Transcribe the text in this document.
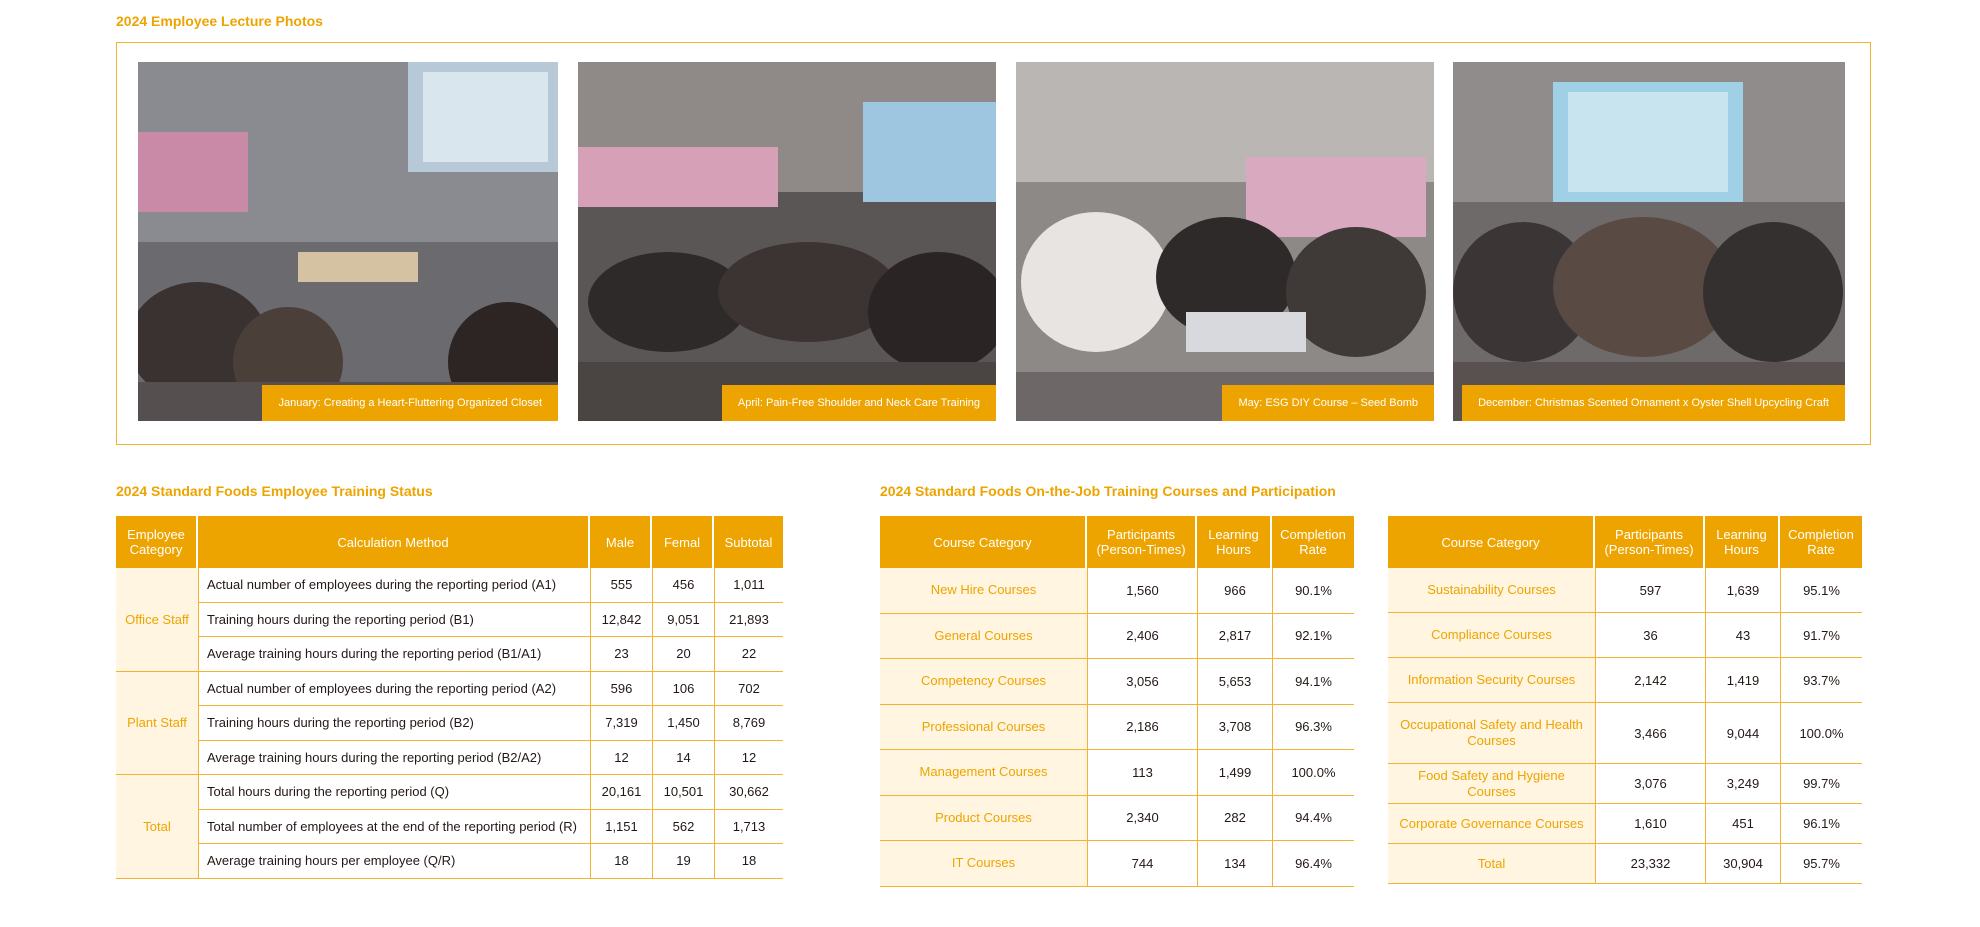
2024 Employee Lecture Photos
January: Creating a Heart-Fluttering Organized Closet	April: Pain-Free Shoulder and Neck Care Training	May: ESG DIY Course – Seed Bomb	December: Christmas Scented Ornament x Oyster Shell Upcycling Craft
2024 Standard Foods Employee Training Status
Employee Category	Calculation Method	Male	Femal	Subtotal
Office Staff	Actual number of employees during the reporting period (A1)	555	456	1,011
	Training hours during the reporting period (B1)	12,842	9,051	21,893
	Average training hours during the reporting period (B1/A1)	23	20	22
Plant Staff	Actual number of employees during the reporting period (A2)	596	106	702
	Training hours during the reporting period (B2)	7,319	1,450	8,769
	Average training hours during the reporting period (B2/A2)	12	14	12
Total	Total hours during the reporting period (Q)	20,161	10,501	30,662
	Total number of employees at the end of the reporting period (R)	1,151	562	1,713
	Average training hours per employee (Q/R)	18	19	18
2024 Standard Foods On-the-Job Training Courses and Participation
Course Category	Participants (Person-Times)	Learning Hours	Completion Rate
New Hire Courses	1,560	966	90.1%
General Courses	2,406	2,817	92.1%
Competency Courses	3,056	5,653	94.1%
Professional Courses	2,186	3,708	96.3%
Management Courses	113	1,499	100.0%
Product Courses	2,340	282	94.4%
IT Courses	744	134	96.4%
Course Category	Participants (Person-Times)	Learning Hours	Completion Rate
Sustainability Courses	597	1,639	95.1%
Compliance Courses	36	43	91.7%
Information Security Courses	2,142	1,419	93.7%
Occupational Safety and Health Courses	3,466	9,044	100.0%
Food Safety and Hygiene Courses	3,076	3,249	99.7%
Corporate Governance Courses	1,610	451	96.1%
Total	23,332	30,904	95.7%
